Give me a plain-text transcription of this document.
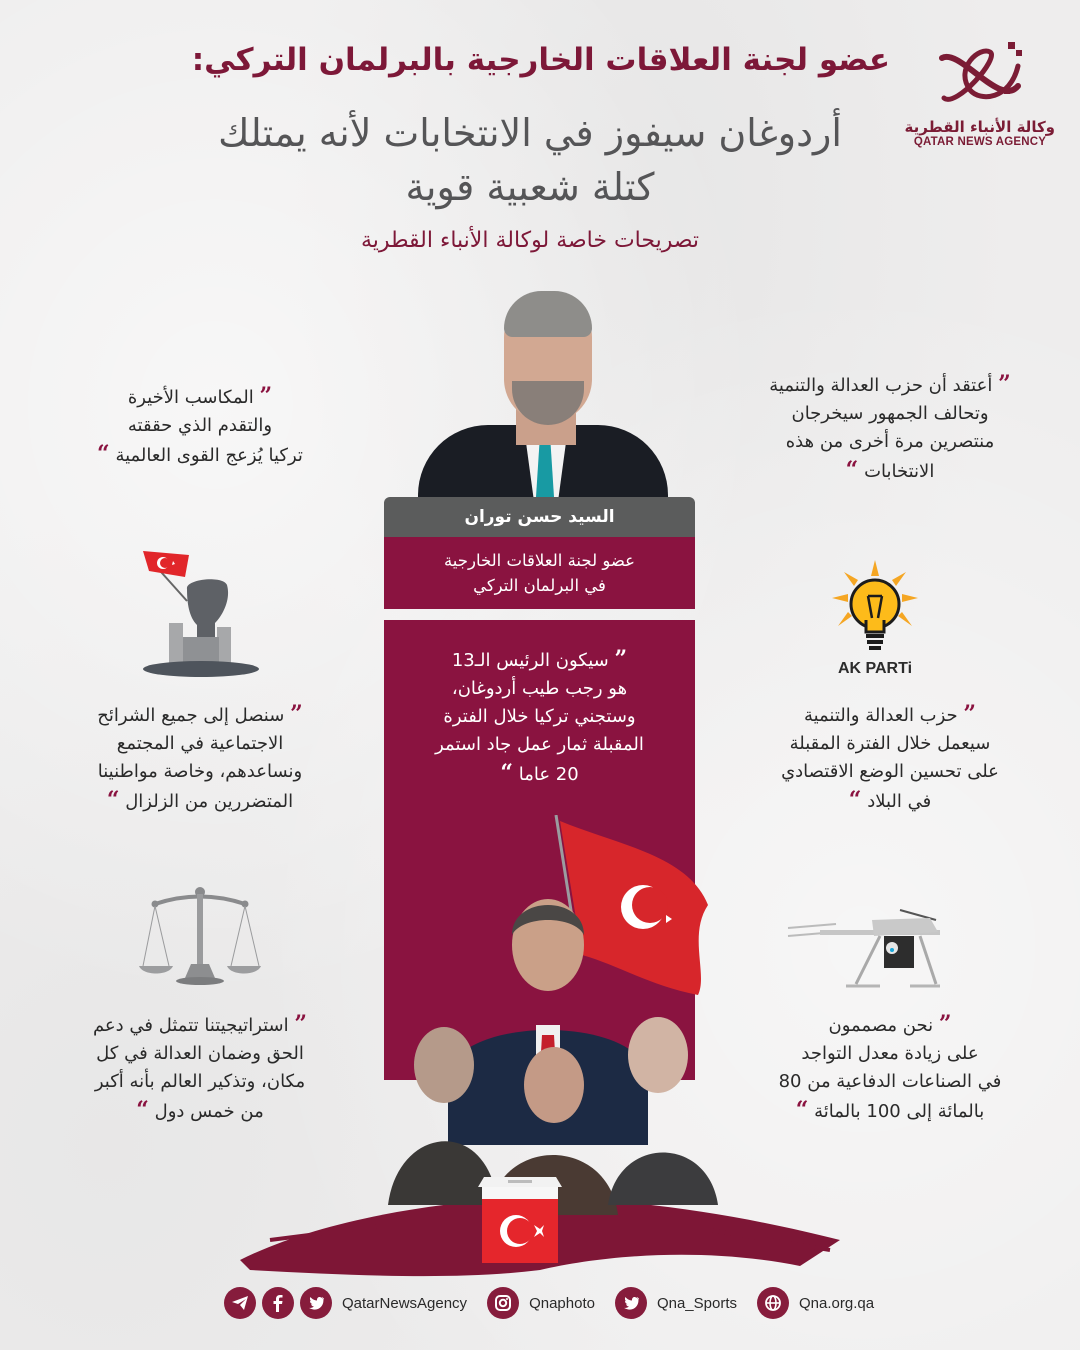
وكالة الأنباء القطرية
QATAR NEWS AGENCY
عضو لجنة العلاقات الخارجية بالبرلمان التركي:
أردوغان سيفوز في الانتخابات لأنه يمتلك
كتلة شعبية قوية
تصريحات خاصة لوكالة الأنباء القطرية
السيد حسن توران
عضو لجنة العلاقات الخارجية
في البرلمان التركي
” سيكون الرئيس الـ13
هو رجب طيب أردوغان،
وستجني تركيا خلال الفترة
المقبلة ثمار عمل جاد استمر
20 عاما “
” المكاسب الأخيرة
والتقدم الذي حققته
تركيا يُزعج القوى العالمية “
” أعتقد أن حزب العدالة والتنمية
وتحالف الجمهور سيخرجان
منتصرين مرة أخرى من هذه
الانتخابات “
” سنصل إلى جميع الشرائح
الاجتماعية في المجتمع
ونساعدهم، وخاصة مواطنينا
المتضررين من الزلزال “
AK PARTi
” حزب العدالة والتنمية
سيعمل خلال الفترة المقبلة
على تحسين الوضع الاقتصادي
في البلاد “
” استراتيجيتنا تتمثل في دعم
الحق وضمان العدالة في كل
مكان، وتذكير العالم بأنه أكبر
من خمس دول “
” نحن مصممون
على زيادة معدل التواجد
في الصناعات الدفاعية من 80
بالمائة إلى 100 بالمائة “
QatarNewsAgency	Qnaphoto	Qna_Sports	Qna.org.qa
